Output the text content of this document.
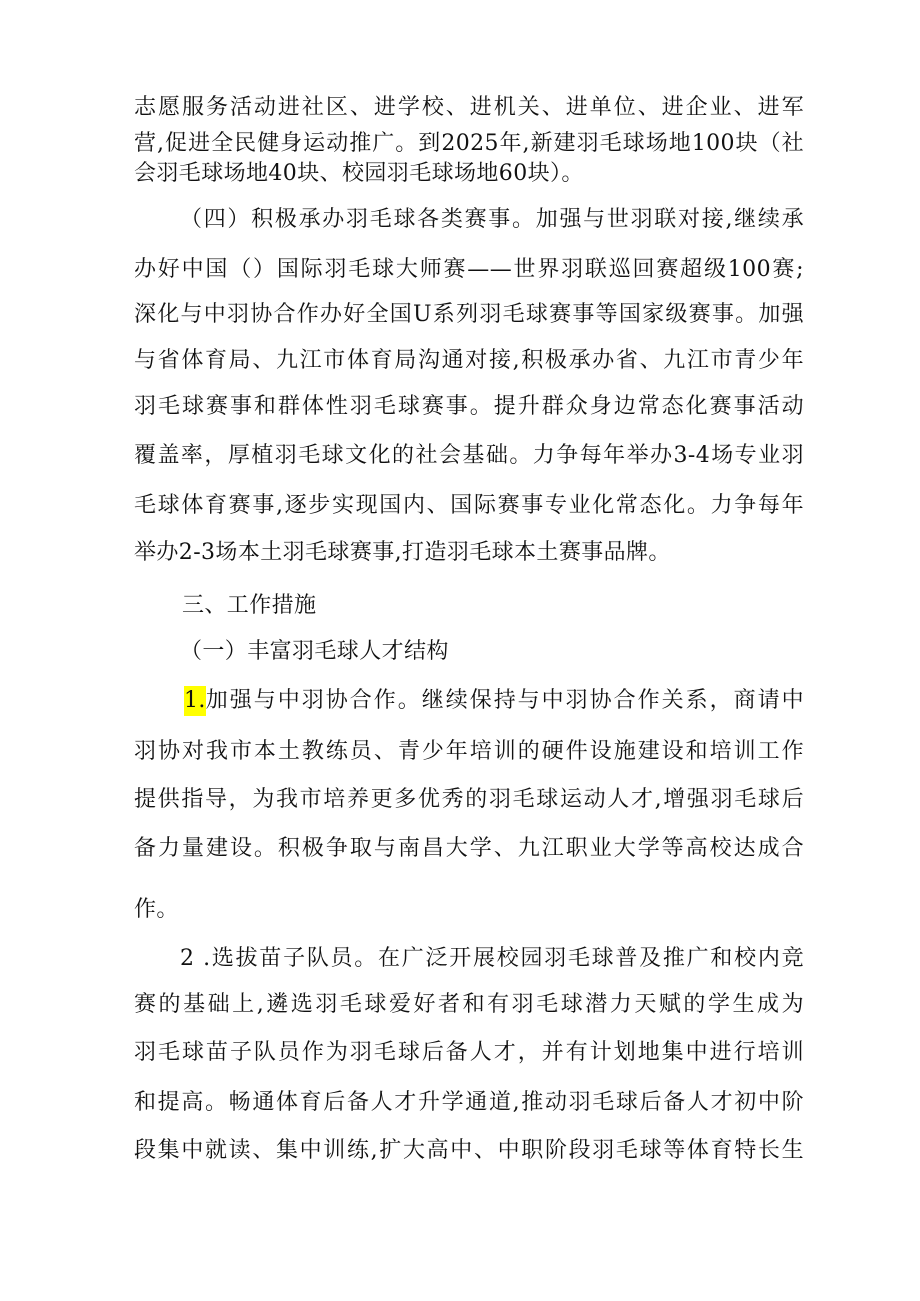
志愿服务活动进社区、进学校、进机关、进单位、进企业、进军
营,促进全民健身运动推广。到2025年,新建羽毛球场地100块（社
会羽毛球场地40块、校园羽毛球场地60块）。
（四）积极承办羽毛球各类赛事。加强与世羽联对接,继续承
办好中国（）国际羽毛球大师赛——世界羽联巡回赛超级100赛;
深化与中羽协合作办好全国U系列羽毛球赛事等国家级赛事。加强
与省体育局、九江市体育局沟通对接,积极承办省、九江市青少年
羽毛球赛事和群体性羽毛球赛事。提升群众身边常态化赛事活动
覆盖率，厚植羽毛球文化的社会基础。力争每年举办3-4场专业羽
毛球体育赛事,逐步实现国内、国际赛事专业化常态化。力争每年
举办2-3场本土羽毛球赛事,打造羽毛球本土赛事品牌。
三、工作措施
（一）丰富羽毛球人才结构
1. 加强与中羽协合作。继续保持与中羽协合作关系，商请中
羽协对我市本土教练员、青少年培训的硬件设施建设和培训工作
提供指导，为我市培养更多优秀的羽毛球运动人才,增强羽毛球后
备力量建设。积极争取与南昌大学、九江职业大学等高校达成合
作。
2 .选拔苗子队员。在广泛开展校园羽毛球普及推广和校内竞
赛的基础上,遴选羽毛球爱好者和有羽毛球潜力天赋的学生成为
羽毛球苗子队员作为羽毛球后备人才，并有计划地集中进行培训
和提高。畅通体育后备人才升学通道,推动羽毛球后备人才初中阶
段集中就读、集中训练,扩大高中、中职阶段羽毛球等体育特长生
